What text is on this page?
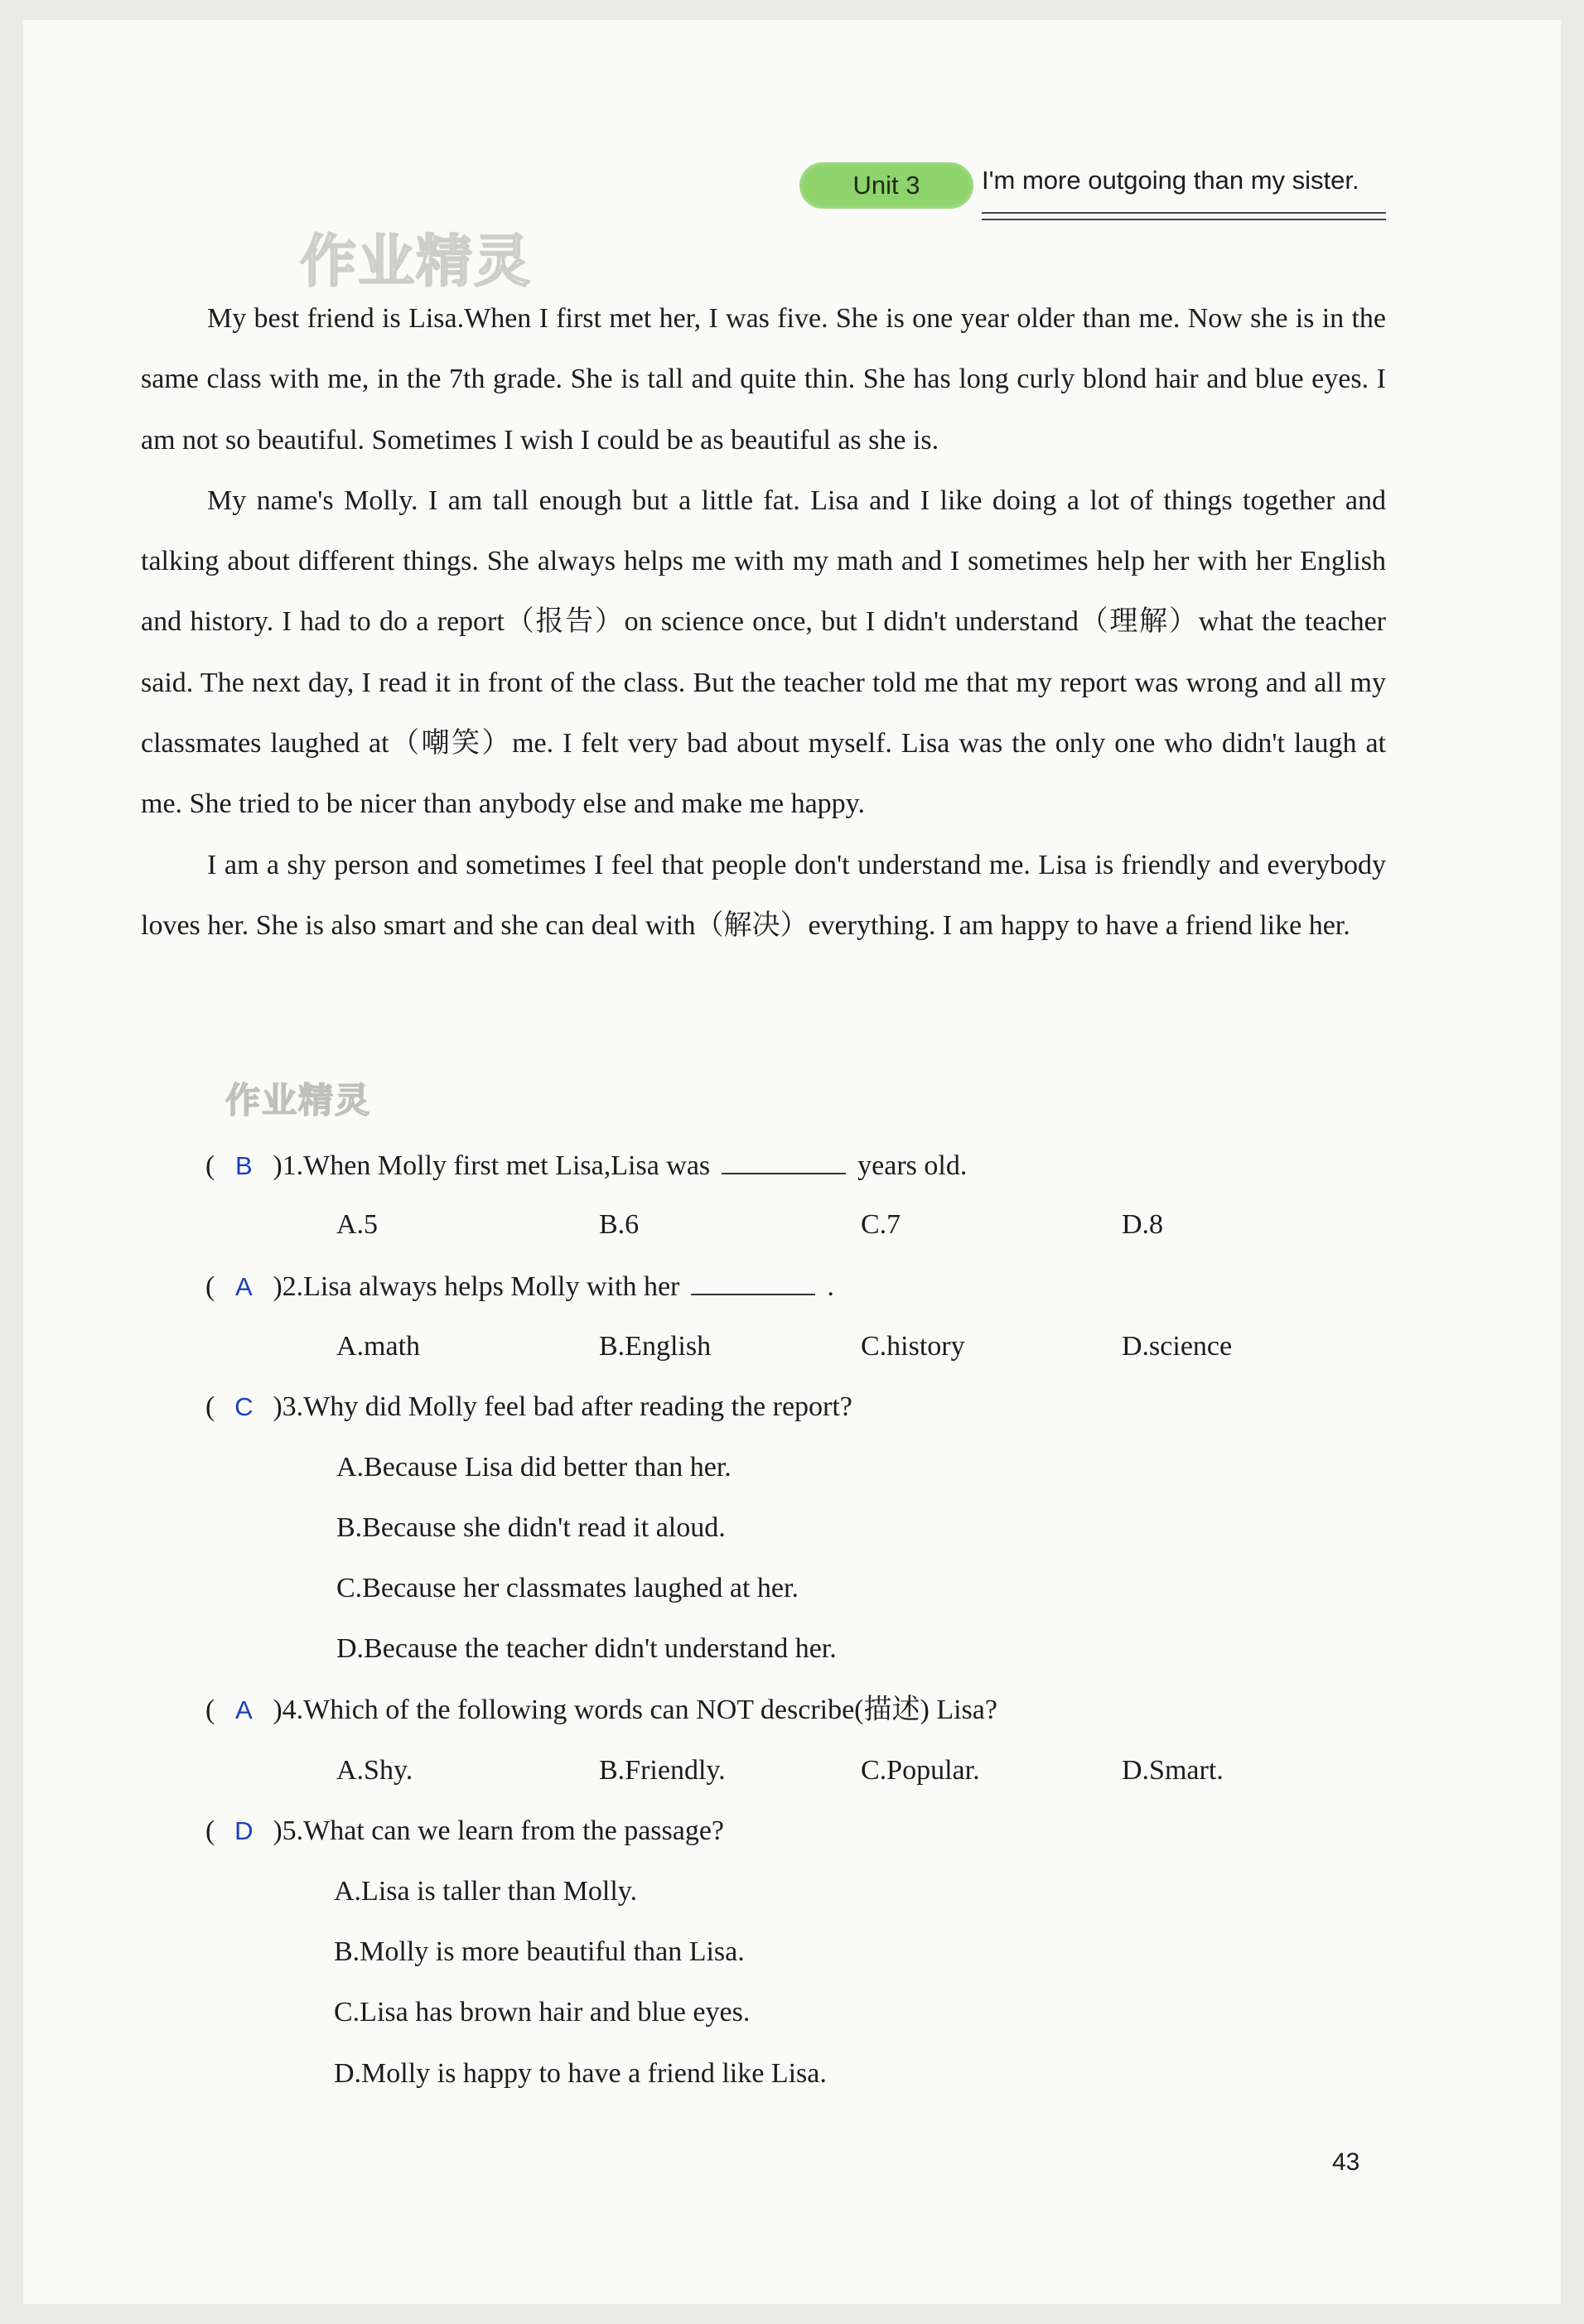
Unit 3	I'm more outgoing than my sister.
作业精灵

My best friend is Lisa.When I first met her, I was five. She is one year older than me. Now she is in the same class with me, in the 7th grade. She is tall and quite thin. She has long curly blond hair and blue eyes. I am not so beautiful. Sometimes I wish I could be as beautiful as she is.

My name's Molly. I am tall enough but a little fat. Lisa and I like doing a lot of things together and talking about different things. She always helps me with my math and I sometimes help her with her English and history. I had to do a report（报告）on science once, but I didn't understand（理解）what the teacher said. The next day, I read it in front of the class. But the teacher told me that my report was wrong and all my classmates laughed at（嘲笑）me. I felt very bad about myself. Lisa was the only one who didn't laugh at me. She tried to be nicer than anybody else and make me happy.

I am a shy person and sometimes I feel that people don't understand me. Lisa is friendly and everybody loves her. She is also smart and she can deal with（解决）everything. I am happy to have a friend like her.

作业精灵
( B )1.When Molly first met Lisa,Lisa was	years old.
A.5	B.6	C.7	D.8
( A )2.Lisa always helps Molly with her	.
A.math	B.English	C.history	D.science
( C )3.Why did Molly feel bad after reading the report?
A.Because Lisa did better than her.
B.Because she didn't read it aloud.
C.Because her classmates laughed at her.
D.Because the teacher didn't understand her.
( A )4.Which of the following words can NOT describe(描述) Lisa?
A.Shy.	B.Friendly.	C.Popular.	D.Smart.
( D )5.What can we learn from the passage?
A.Lisa is taller than Molly.
B.Molly is more beautiful than Lisa.
C.Lisa has brown hair and blue eyes.
D.Molly is happy to have a friend like Lisa.
43
